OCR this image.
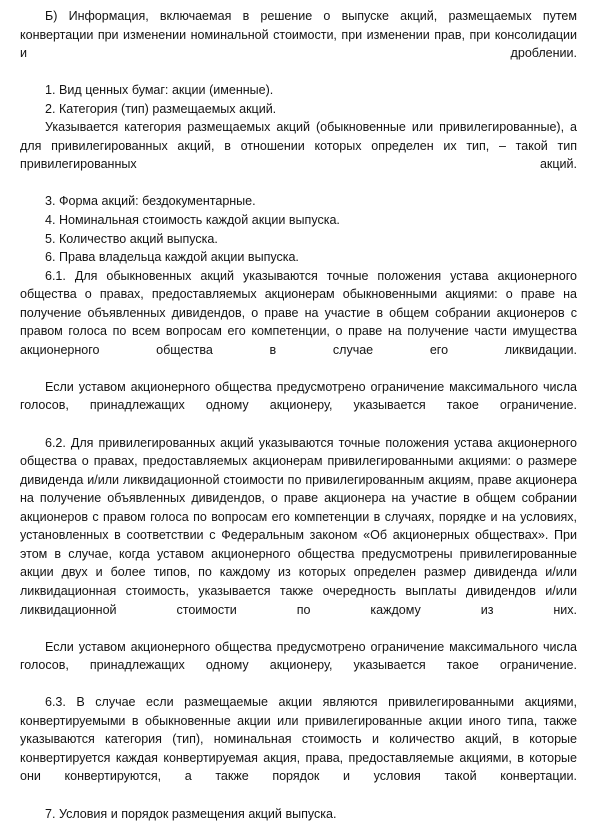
Б) Информация, включаемая в решение о выпуске акций, размещаемых путем конвертации при изменении номинальной стоимости, при изменении прав, при консолидации и дроблении.

1. Вид ценных бумаг: акции (именные).

2. Категория (тип) размещаемых акций.

Указывается категория размещаемых акций (обыкновенные или привилегированные), а для привилегированных акций, в отношении которых определен их тип, – такой тип привилегированных акций.

3. Форма акций: бездокументарные.

4. Номинальная стоимость каждой акции выпуска.

5. Количество акций выпуска.

6. Права владельца каждой акции выпуска.

6.1. Для обыкновенных акций указываются точные положения устава акционерного общества о правах, предоставляемых акционерам обыкновенными акциями: о праве на получение объявленных дивидендов, о праве на участие в общем собрании акционеров с правом голоса по всем вопросам его компетенции, о праве на получение части имущества акционерного общества в случае его ликвидации.

Если уставом акционерного общества предусмотрено ограничение максимального числа голосов, принадлежащих одному акционеру, указывается такое ограничение.

6.2. Для привилегированных акций указываются точные положения устава акционерного общества о правах, предоставляемых акционерам привилегированными акциями: о размере дивиденда и/или ликвидационной стоимости по привилегированным акциям, праве акционера на получение объявленных дивидендов, о праве акционера на участие в общем собрании акционеров с правом голоса по вопросам его компетенции в случаях, порядке и на условиях, установленных в соответствии с Федеральным законом «Об акционерных обществах». При этом в случае, когда уставом акционерного общества предусмотрены привилегированные акции двух и более типов, по каждому из которых определен размер дивиденда и/или ликвидационная стоимость, указывается также очередность выплаты дивидендов и/или ликвидационной стоимости по каждому из них.

Если уставом акционерного общества предусмотрено ограничение максимального числа голосов, принадлежащих одному акционеру, указывается такое ограничение.

6.3. В случае если размещаемые акции являются привилегированными акциями, конвертируемыми в обыкновенные акции или привилегированные акции иного типа, также указываются категория (тип), номинальная стоимость и количество акций, в которые конвертируется каждая конвертируемая акция, права, предоставляемые акциями, в которые они конвертируются, а также порядок и условия такой конвертации.

7. Условия и порядок размещения акций выпуска.
